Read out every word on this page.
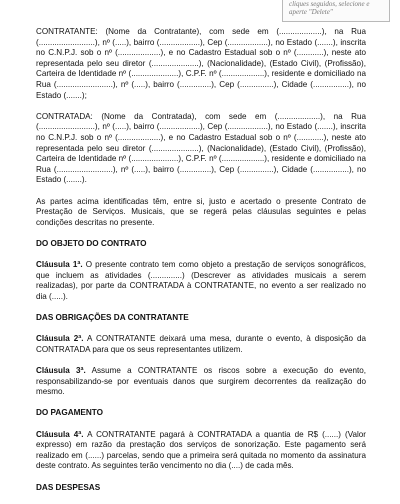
cliques seguidos, selecione e aperte "Delete"

CONTRATANTE: (Nome da Contratante), com sede em (...................), na Rua (.........................), nº (.....), bairro (..................), Cep (..................), no Estado (.......), inscrita no C.N.P.J. sob o nº (...................), e no Cadastro Estadual sob o nº (............), neste ato representada pelo seu diretor (.....................), (Nacionalidade), (Estado Civil), (Profissão), Carteira de Identidade nº (.....................), C.P.F. nº (...................), residente e domiciliado na Rua (.........................), nº (.....), bairro (..............), Cep (...............), Cidade (................), no Estado (.......);

CONTRATADA: (Nome da Contratada), com sede em (...................), na Rua (.........................), nº (.....), bairro (..................), Cep (..................), no Estado (.......), inscrita no C.N.P.J. sob o nº (...................), e no Cadastro Estadual sob o nº (............), neste ato representada pelo seu diretor (.....................), (Nacionalidade), (Estado Civil), (Profissão), Carteira de Identidade nº (.....................), C.P.F. nº (...................), residente e domiciliado na Rua (.........................), nº (.....), bairro (..............), Cep (...............), Cidade (................), no Estado (.......).

As partes acima identificadas têm, entre si, justo e acertado o presente Contrato de Prestação de Serviços. Musicais, que se regerá pelas cláusulas seguintes e pelas condições descritas no presente.

DO OBJETO DO CONTRATO

Cláusula 1ª. O presente contrato tem como objeto a prestação de serviços sonográficos, que incluem as atividades (..............) (Descrever as atividades musicais a serem realizadas), por parte da CONTRATADA à CONTRATANTE, no evento a ser realizado no dia (.....).

DAS OBRIGAÇÕES DA CONTRATANTE

Cláusula 2ª. A CONTRATANTE deixará uma mesa, durante o evento, à disposição da CONTRATADA para que os seus representantes utilizem.

Cláusula 3ª. Assume a CONTRATANTE os riscos sobre a execução do evento, responsabilizando-se por eventuais danos que surgirem decorrentes da realização do mesmo.

DO PAGAMENTO

Cláusula 4ª. A CONTRATANTE pagará à CONTRATADA a quantia de R$ (......) (Valor expresso) em razão da prestação dos serviços de sonorização. Este pagamento será realizado em (......) parcelas, sendo que a primeira será quitada no momento da assinatura deste contrato. As seguintes terão vencimento no dia (....) de cada mês.

DAS DESPESAS
